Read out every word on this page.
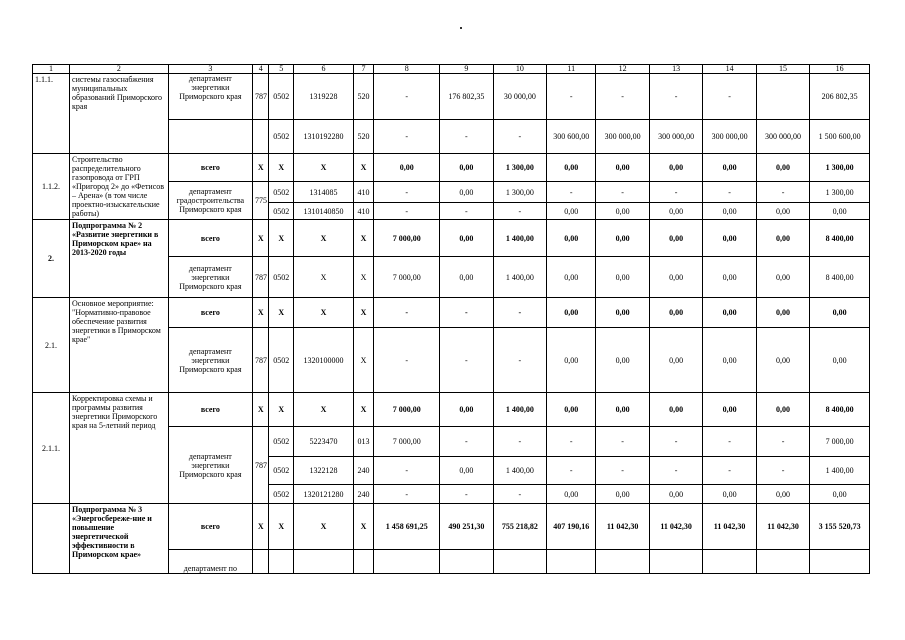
1	2	3	4	5	6	7	8	9	10	11	12	13	14	15	16
1.1.1.	системы газоснабжения муниципальных образований Приморского края	департамент энергетики Приморского края	787	0502	1319228	520	-	176 802,35	30 000,00	-	-	-	-		206 802,35
				0502	1310192280	520	-	-	-	300 600,00	300 000,00	300 000,00	300 000,00	300 000,00	1 500 600,00
1.1.2.	Строительство распределительного газопровода от ГРП «Пригород 2» до «Фетисов – Арена» (в том числе проектно-изыскательские работы)	всего	Х	Х	Х	Х	0,00	0,00	1 300,00	0,00	0,00	0,00	0,00	0,00	1 300,00
		департамент градостроительства Приморского края	775	0502	1314085	410	-	0,00	1 300,00	-	-	-	-	-	1 300,00
				0502	1310140850	410	-	-	-	0,00	0,00	0,00	0,00	0,00	0,00
2.	Подпрограмма № 2 «Развитие энергетики в Приморском крае» на 2013-2020 годы	всего	Х	Х	Х	Х	7 000,00	0,00	1 400,00	0,00	0,00	0,00	0,00	0,00	8 400,00
		департамент энергетики Приморского края	787	0502	Х	Х	7 000,00	0,00	1 400,00	0,00	0,00	0,00	0,00	0,00	8 400,00
2.1.	Основное мероприятие: "Нормативно-правовое обеспечение развития энергетики в Приморском крае"	всего	Х	Х	Х	Х	-	-	-	0,00	0,00	0,00	0,00	0,00	0,00
		департамент энергетики Приморского края	787	0502	1320100000	Х	-	-	-	0,00	0,00	0,00	0,00	0,00	0,00
2.1.1.	Корректировка схемы и программы развития энергетики Приморского края на 5-летний период	всего	Х	Х	Х	Х	7 000,00	0,00	1 400,00	0,00	0,00	0,00	0,00	0,00	8 400,00
		департамент энергетики Приморского края	787	0502	5223470	013	7 000,00	-	-	-	-	-	-	-	7 000,00
				0502	1322128	240	-	0,00	1 400,00	-	-	-	-	-	1 400,00
				0502	1320121280	240	-	-	-	0,00	0,00	0,00	0,00	0,00	0,00

	Подпрограмма № 3 «Энергосбереже-ние и повышение энергетической эффективности в Приморском крае»	всего	Х	Х	Х	Х	1 458 691,25	490 251,30	755 218,82	407 190,16	11 042,30	11 042,30	11 042,30	11 042,30	3 155 520,73
		департамент по													
